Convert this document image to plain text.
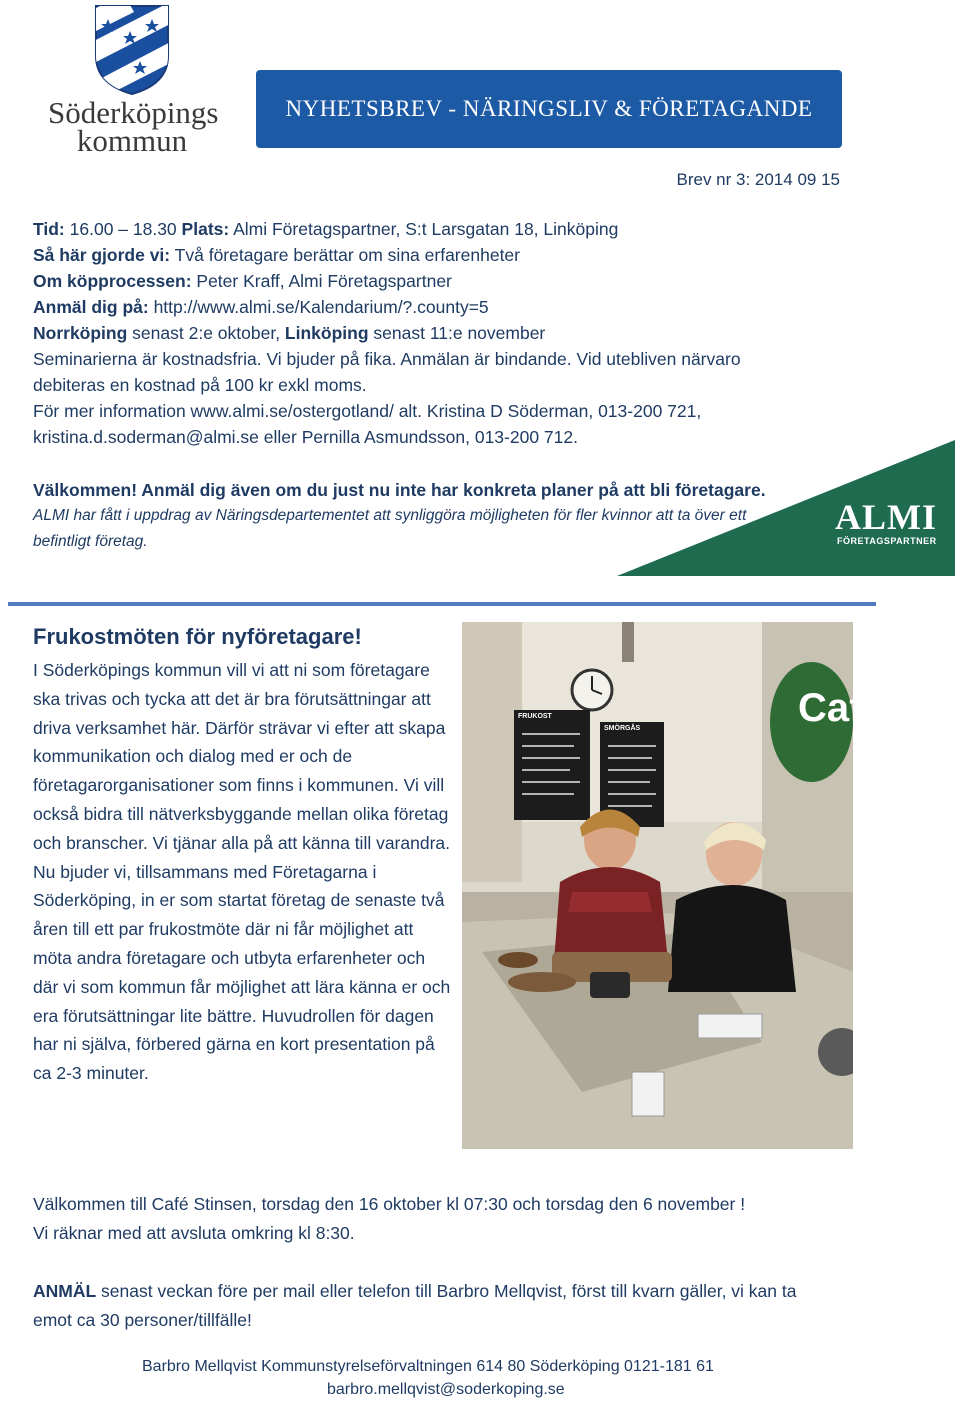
Söderköpings
kommun
NYHETSBREV - NÄRINGSLIV & FÖRETAGANDE
Brev nr 3: 2014 09 15
Tid: 16.00 – 18.30 Plats: Almi Företagspartner, S:t Larsgatan 18, Linköping
Så här gjorde vi: Två företagare berättar om sina erfarenheter
Om köpprocessen: Peter Kraff, Almi Företagspartner
Anmäl dig på: http://www.almi.se/Kalendarium/?.county=5
Norrköping senast 2:e oktober, Linköping senast 11:e november
Seminarierna är kostnadsfria. Vi bjuder på fika. Anmälan är bindande. Vid utebliven närvaro
debiteras en kostnad på 100 kr exkl moms.
För mer information www.almi.se/ostergotland/ alt. Kristina D Söderman, 013-200 721,
kristina.d.soderman@almi.se eller Pernilla Asmundsson, 013-200 712.
Välkommen! Anmäl dig även om du just nu inte har konkreta planer på att bli företagare.
ALMI har fått i uppdrag av Näringsdepartementet att synliggöra möjligheten för fler kvinnor att ta över ett
befintligt företag.
ALMI
FÖRETAGSPARTNER
Frukostmöten för nyföretagare!
I Söderköpings kommun vill vi att ni som företagare ska trivas och tycka att det är bra förutsättningar att driva verksamhet här. Därför strävar vi efter att skapa kommunikation och dialog med er och de företagarorganisationer som finns i kommunen. Vi vill också bidra till nätverksbyggande mellan olika företag och branscher. Vi tjänar alla på att känna till varandra.
Nu bjuder vi, tillsammans med Företagarna i Söderköping, in er som startat företag de senaste två åren till ett par frukostmöte där ni får möjlighet att möta andra företagare och utbyta erfarenheter och där vi som kommun får möjlighet att lära känna er och era förutsättningar lite bättre. Huvudrollen för dagen har ni själva, förbered gärna en kort presentation på ca 2-3 minuter.
Caf
FRUKOST
SMÖRGÅS
Välkommen till Café Stinsen, torsdag den 16 oktober kl 07:30 och torsdag den 6 november !
Vi räknar med att avsluta omkring kl 8:30.
ANMÄL senast veckan före per mail eller telefon till Barbro Mellqvist, först till kvarn gäller, vi kan ta
emot ca 30 personer/tillfälle!
Barbro Mellqvist Kommunstyrelseförvaltningen 614 80 Söderköping 0121-181 61
barbro.mellqvist@soderkoping.se
